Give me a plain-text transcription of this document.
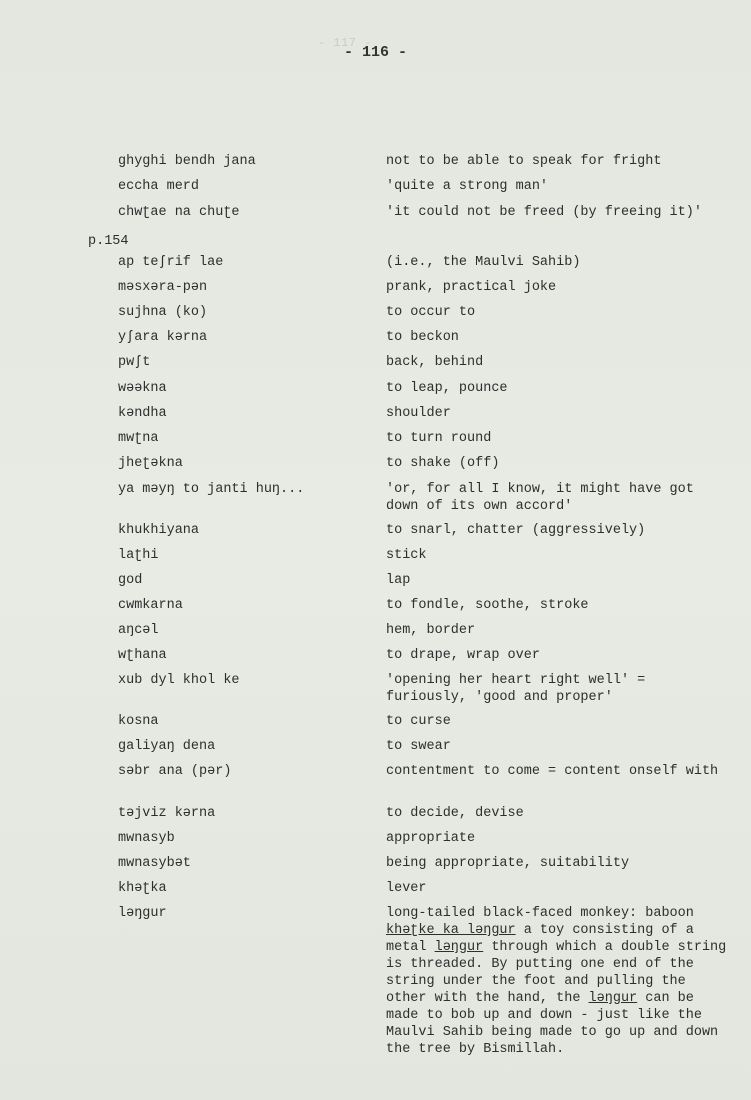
- 117 -
- 116 -
p.154
ghyghi bendh jana	not to be able to speak for fright
eccha merd	'quite a strong man'
chwʈae na chuʈe	'it could not be freed (by freeing it)'
ap teʃrif lae	(i.e., the Maulvi Sahib)
məsxəra-pən	prank, practical joke
sujhna (ko)	to occur to
yʃara kərna	to beckon
pwʃt	back, behind
wəəkna	to leap, pounce
kəndha	shoulder
mwʈna	to turn round
jheʈəkna	to shake (off)
ya məyŋ to janti huŋ...	'or, for all I know, it might have got down of its own accord'
khukhiyana	to snarl, chatter (aggressively)
laʈhi	stick
god	lap
cwmkarna	to fondle, soothe, stroke
aŋcəl	hem, border
wʈhana	to drape, wrap over
xub dyl khol ke	'opening her heart right well' = furiously, 'good and proper'
kosna	to curse
galiyaŋ dena	to swear
səbr ana (pər)	contentment to come = content onself with
təjviz kərna	to decide, devise
mwnasyb	appropriate
mwnasybət	being appropriate, suitability
khəʈka	lever
ləŋgur	long-tailed black-faced monkey: baboon khəʈke ka ləŋgur a toy consisting of a metal ləŋgur through which a double string is threaded. By putting one end of the string under the foot and pulling the other with the hand, the ləŋgur can be made to bob up and down - just like the Maulvi Sahib being made to go up and down the tree by Bismillah.
